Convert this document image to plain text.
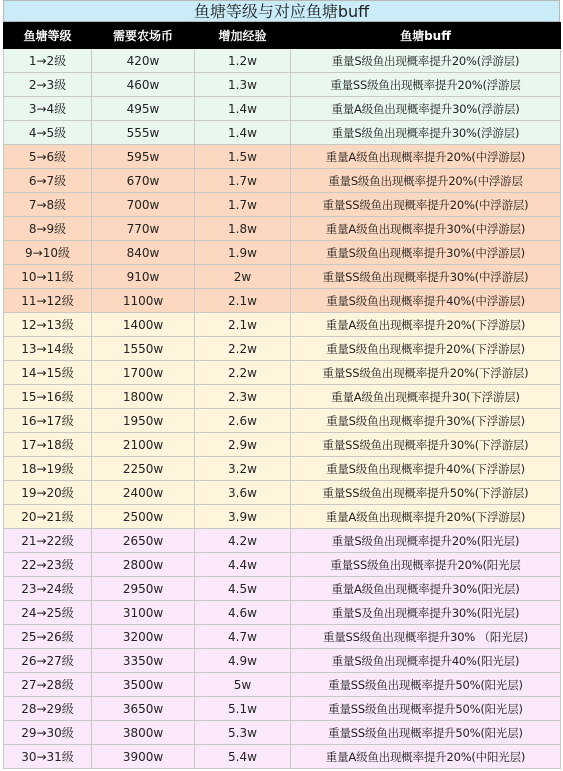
鱼塘等级与对应鱼塘buff
鱼塘等级	需要农场币	增加经验	鱼塘buff
1→2级	420w	1.2w	重量S级鱼出现概率提升20%(浮游层)
2→3级	460w	1.3w	重量SS级鱼出现概率提升20%(浮游层
3→4级	495w	1.4w	重量A级鱼出现概率提升30%(浮游层)
4→5级	555w	1.4w	重量S级鱼出现概率提升30%(浮游层)
5→6级	595w	1.5w	重量A级鱼出现概率提升20%(中浮游层)
6→7级	670w	1.7w	重量S级鱼出现概率提升20%(中浮游层
7→8级	700w	1.7w	重量SS级鱼出现概率提升20%(中浮游层)
8→9级	770w	1.8w	重量A级鱼出现概率提升30%(中浮游层)
9→10级	840w	1.9w	重量S级鱼出现概率提升30%(中浮游层)
10→11级	910w	2w	重量SS级鱼出现概率提升30%(中浮游层)
11→12级	1100w	2.1w	重量S级鱼出现概率提升40%(中浮游层)
12→13级	1400w	2.1w	重量A级鱼出现概率提升20%(下浮游层)
13→14级	1550w	2.2w	重量S级鱼出现概率提升20%(下浮游层)
14→15级	1700w	2.2w	重量SS级鱼出现概率提升20%(下浮游层)
15→16级	1800w	2.3w	重量A级鱼出现概率提升30(下浮游层)
16→17级	1950w	2.6w	重量S级鱼出现概率提升30%(下浮游层)
17→18级	2100w	2.9w	重量SS级鱼出现概率提升30%(下浮游层)
18→19级	2250w	3.2w	重量S级鱼出现概率提升40%(下浮游层)
19→20级	2400w	3.6w	重量SS级鱼出现概率提升50%(下浮游层)
20→21级	2500w	3.9w	重量A级鱼出现概率提升20%(下浮游层)
21→22级	2650w	4.2w	重量S级鱼出现概率提升20%(阳光层)
22→23级	2800w	4.4w	重量SS级鱼出现概率提升20%(阳光层
23→24级	2950w	4.5w	重量A级鱼出现概率提升30%(阳光层)
24→25级	3100w	4.6w	重量S及鱼出现概率提升30%(阳光层)
25→26级	3200w	4.7w	重量SS级鱼出现概率提升30% （阳光层)
26→27级	3350w	4.9w	重量S级鱼出现概率提升40%(阳光层)
27→28级	3500w	5w	重量SS级鱼出现概率提升50%(阳光层)
28→29级	3650w	5.1w	重量SS级鱼出现概率提升50%(阳光层)
29→30级	3800w	5.3w	重量SS级鱼出现概率提升50%(阳光层)
30→31级	3900w	5.4w	重量A级鱼出现概率提升20%(中阳光层)
